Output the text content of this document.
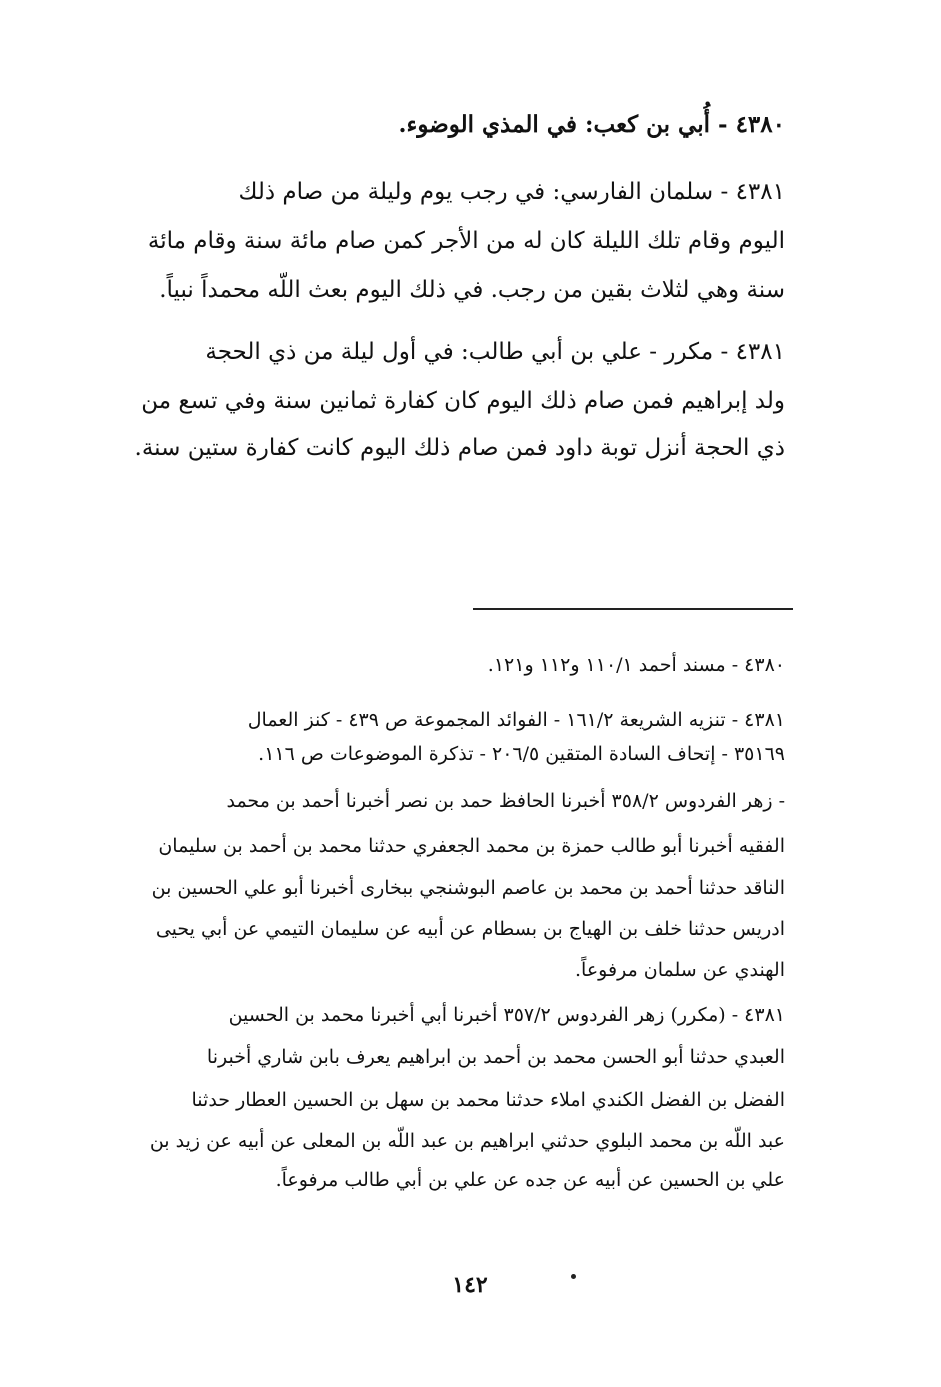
٤٣٨٠ - أُبي بن كعب: في المذي الوضوء.

٤٣٨١ - سلمان الفارسي: في رجب يوم وليلة من صام ذلك

اليوم وقام تلك الليلة كان له من الأجر كمن صام مائة سنة وقام مائة

سنة وهي لثلاث بقين من رجب. في ذلك اليوم بعث اللّه محمداً نبياً.

٤٣٨١ - مكرر - علي بن أبي طالب: في أول ليلة من ذي الحجة

ولد إبراهيم فمن صام ذلك اليوم كان كفارة ثمانين سنة وفي تسع من

ذي الحجة أنزل توبة داود فمن صام ذلك اليوم كانت كفارة ستين سنة.

٤٣٨٠ - مسند أحمد ١١٠/١ و١١٢ و١٢١.

٤٣٨١ - تنزيه الشريعة ١٦١/٢ - الفوائد المجموعة ص ٤٣٩ - كنز العمال

٣٥١٦٩ - إتحاف السادة المتقين ٢٠٦/٥ - تذكرة الموضوعات ص ١١٦.

- زهر الفردوس ٣٥٨/٢ أخبرنا الحافظ حمد بن نصر أخبرنا أحمد بن محمد

الفقيه أخبرنا أبو طالب حمزة بن محمد الجعفري حدثنا محمد بن أحمد بن سليمان

الناقد حدثنا أحمد بن محمد بن عاصم البوشنجي ببخارى أخبرنا أبو علي الحسين بن

ادريس حدثنا خلف بن الهياج بن بسطام عن أبيه عن سليمان التيمي عن أبي يحيى

الهندي عن سلمان مرفوعاً.

٤٣٨١ - (مكرر) زهر الفردوس ٣٥٧/٢ أخبرنا أبي أخبرنا محمد بن الحسين

العبدي حدثنا أبو الحسن محمد بن أحمد بن ابراهيم يعرف بابن شاري أخبرنا

الفضل بن الفضل الكندي املاء حدثنا محمد بن سهل بن الحسين العطار حدثنا

عبد اللّه بن محمد البلوي حدثني ابراهيم بن عبد اللّه بن المعلى عن أبيه عن زيد بن

علي بن الحسين عن أبيه عن جده عن علي بن أبي طالب مرفوعاً.

١٤٢
